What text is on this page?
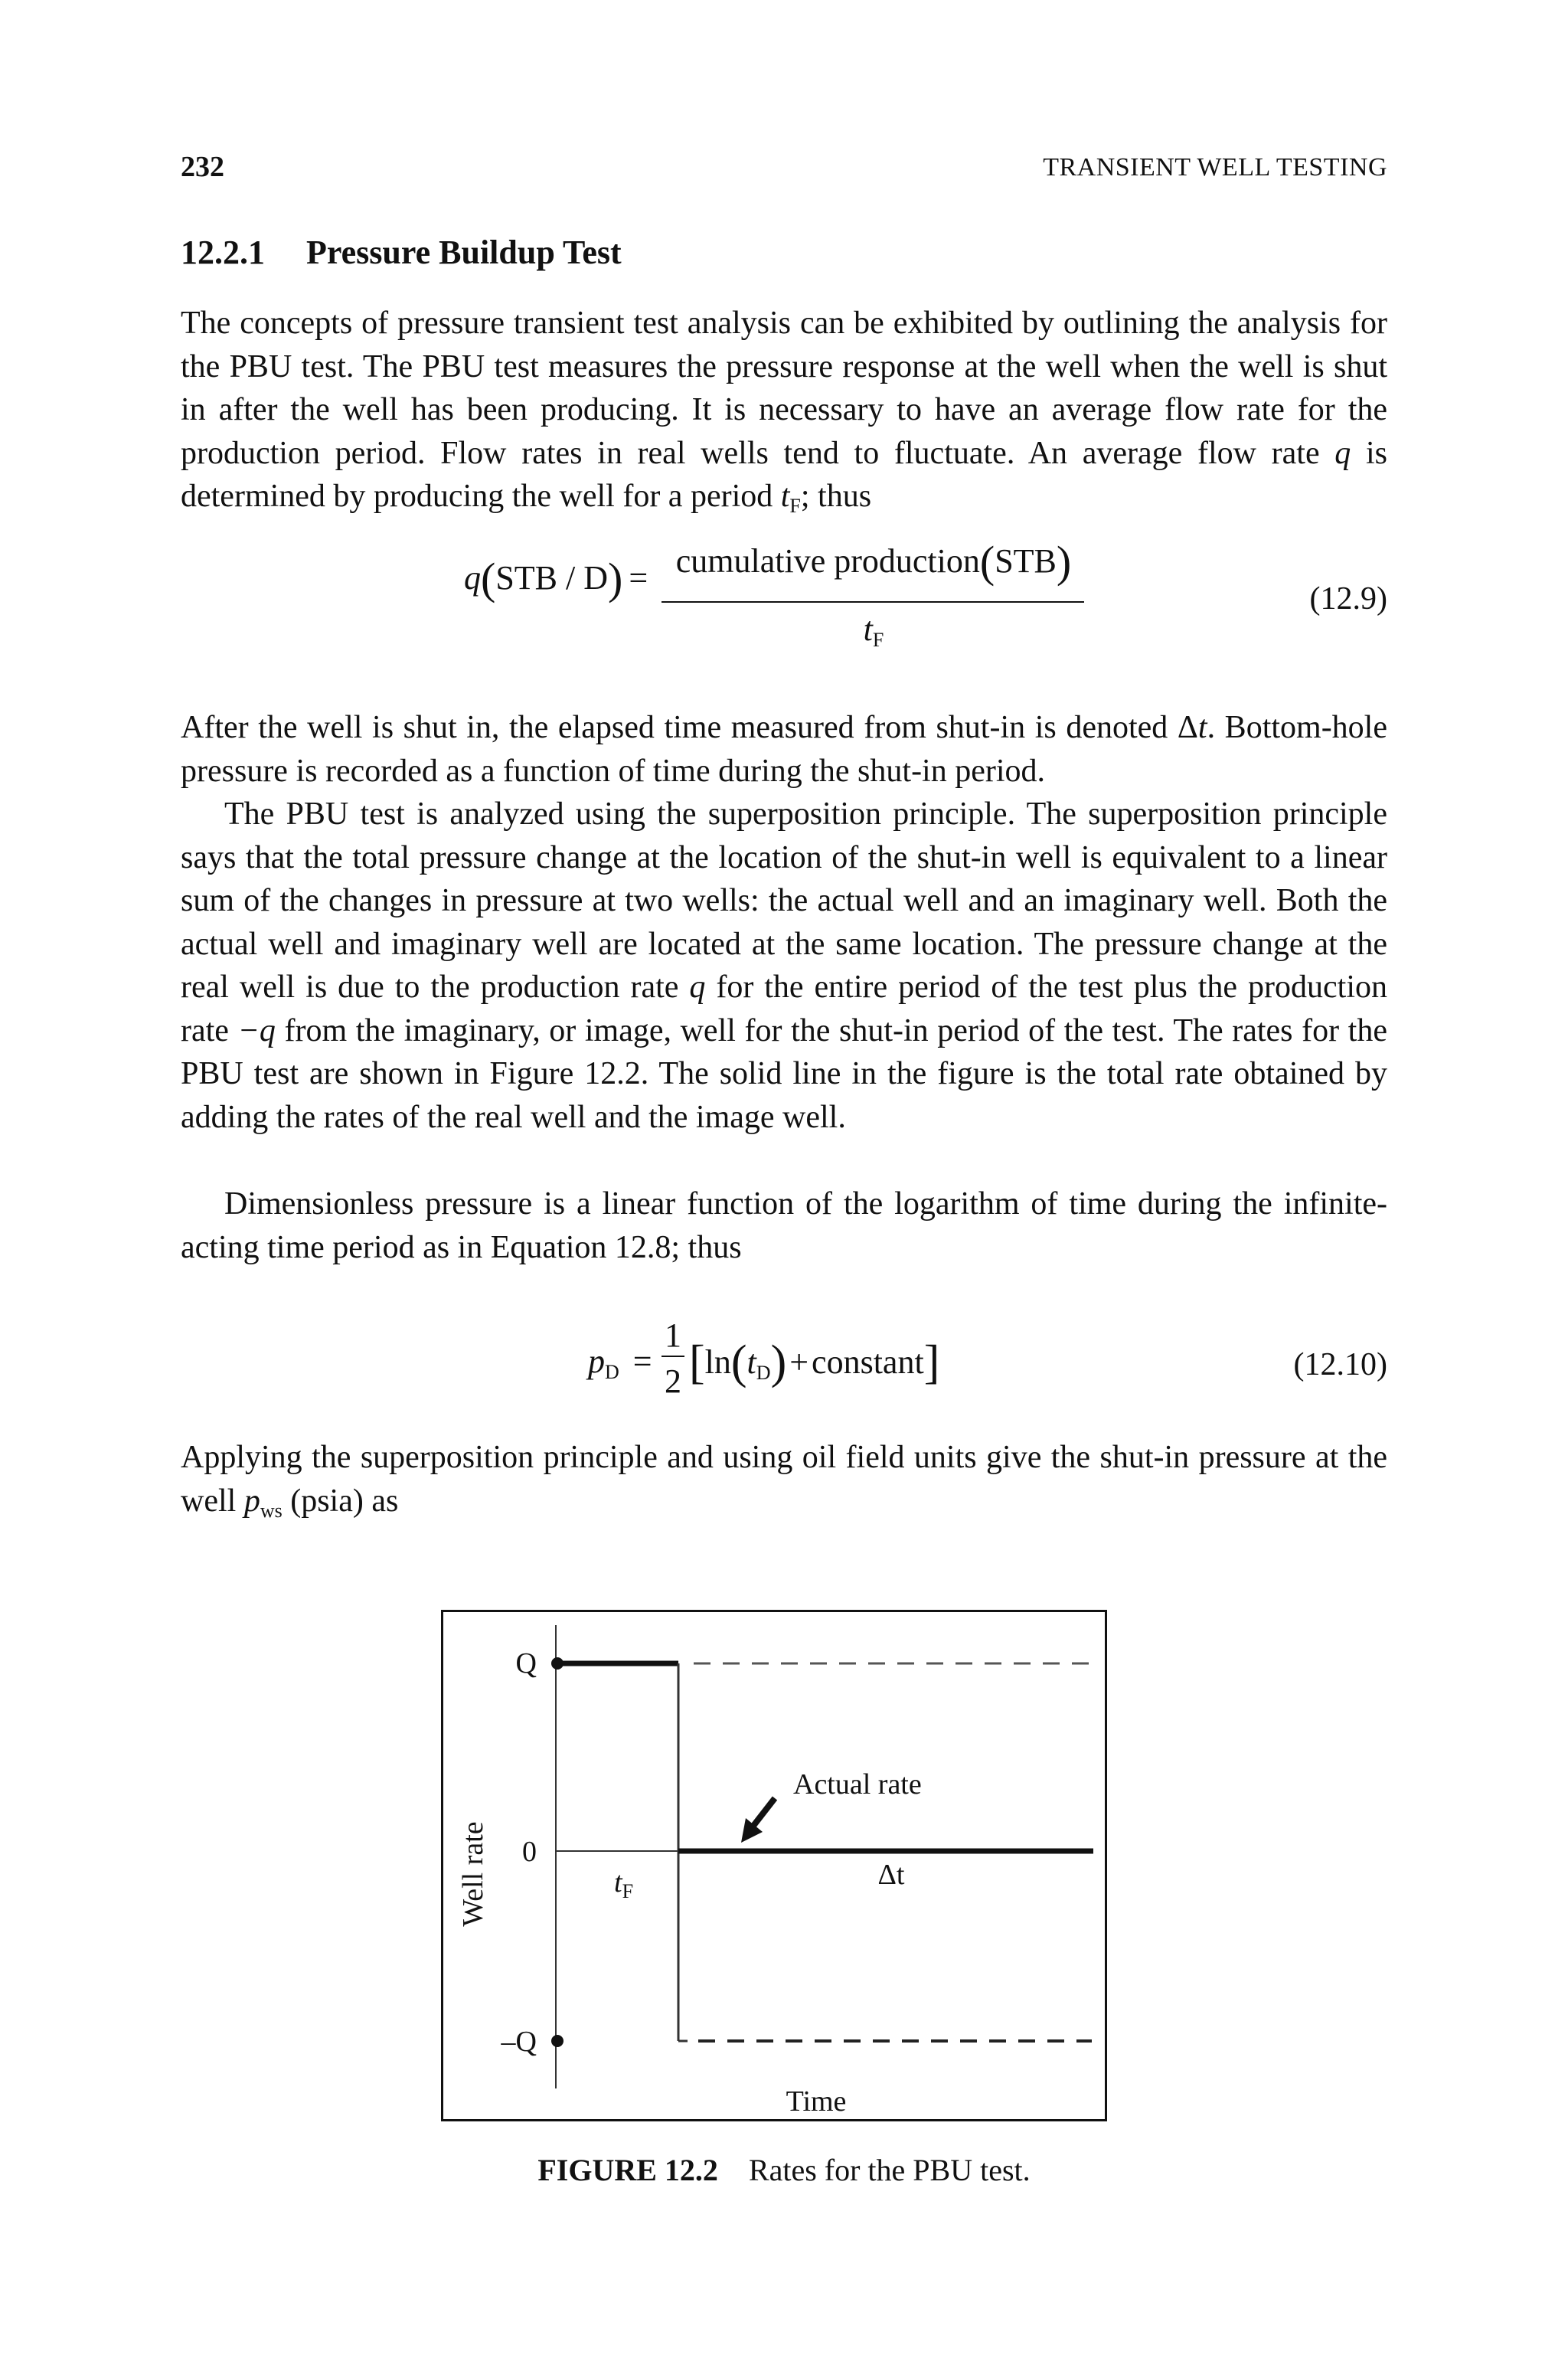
232	TRANSIENT WELL TESTING
12.2.1 Pressure Buildup Test

The concepts of pressure transient test analysis can be exhibited by outlining the analysis for the PBU test. The PBU test measures the pressure response at the well when the well is shut in after the well has been producing. It is necessary to have an average flow rate for the production period. Flow rates in real wells tend to fluctuate. An average flow rate q is determined by producing the well for a period $t_F$; thus

q(STB / D) = cumulative production(STB)
$t_F$
(12.9)

After the well is shut in, the elapsed time measured from shut-in is denoted Δt. Bottom-hole pressure is recorded as a function of time during the shut-in period.

The PBU test is analyzed using the superposition principle. The superposition principle says that the total pressure change at the location of the shut-in well is equivalent to a linear sum of the changes in pressure at two wells: the actual well and an imaginary well. Both the actual well and imaginary well are located at the same location. The pressure change at the real well is due to the production rate q for the entire period of the test plus the production rate −q from the imaginary, or image, well for the shut-in period of the test. The rates for the PBU test are shown in Figure 12.2. The solid line in the figure is the total rate obtained by adding the rates of the real well and the image well.

Dimensionless pressure is a linear function of the logarithm of time during the infinite-acting time period as in Equation 12.8; thus

$p_D$ =
1
2 $[\ln(t_D)+constant]$	(12.10)

Applying the superposition principle and using oil field units give the shut-in pressure at the well $p_{ws}$ (psia) as

Q
0
–Q
Well rate
Time
Actual rate
$t_F$
Δt
FIGURE 12.2 Rates for the PBU test.
